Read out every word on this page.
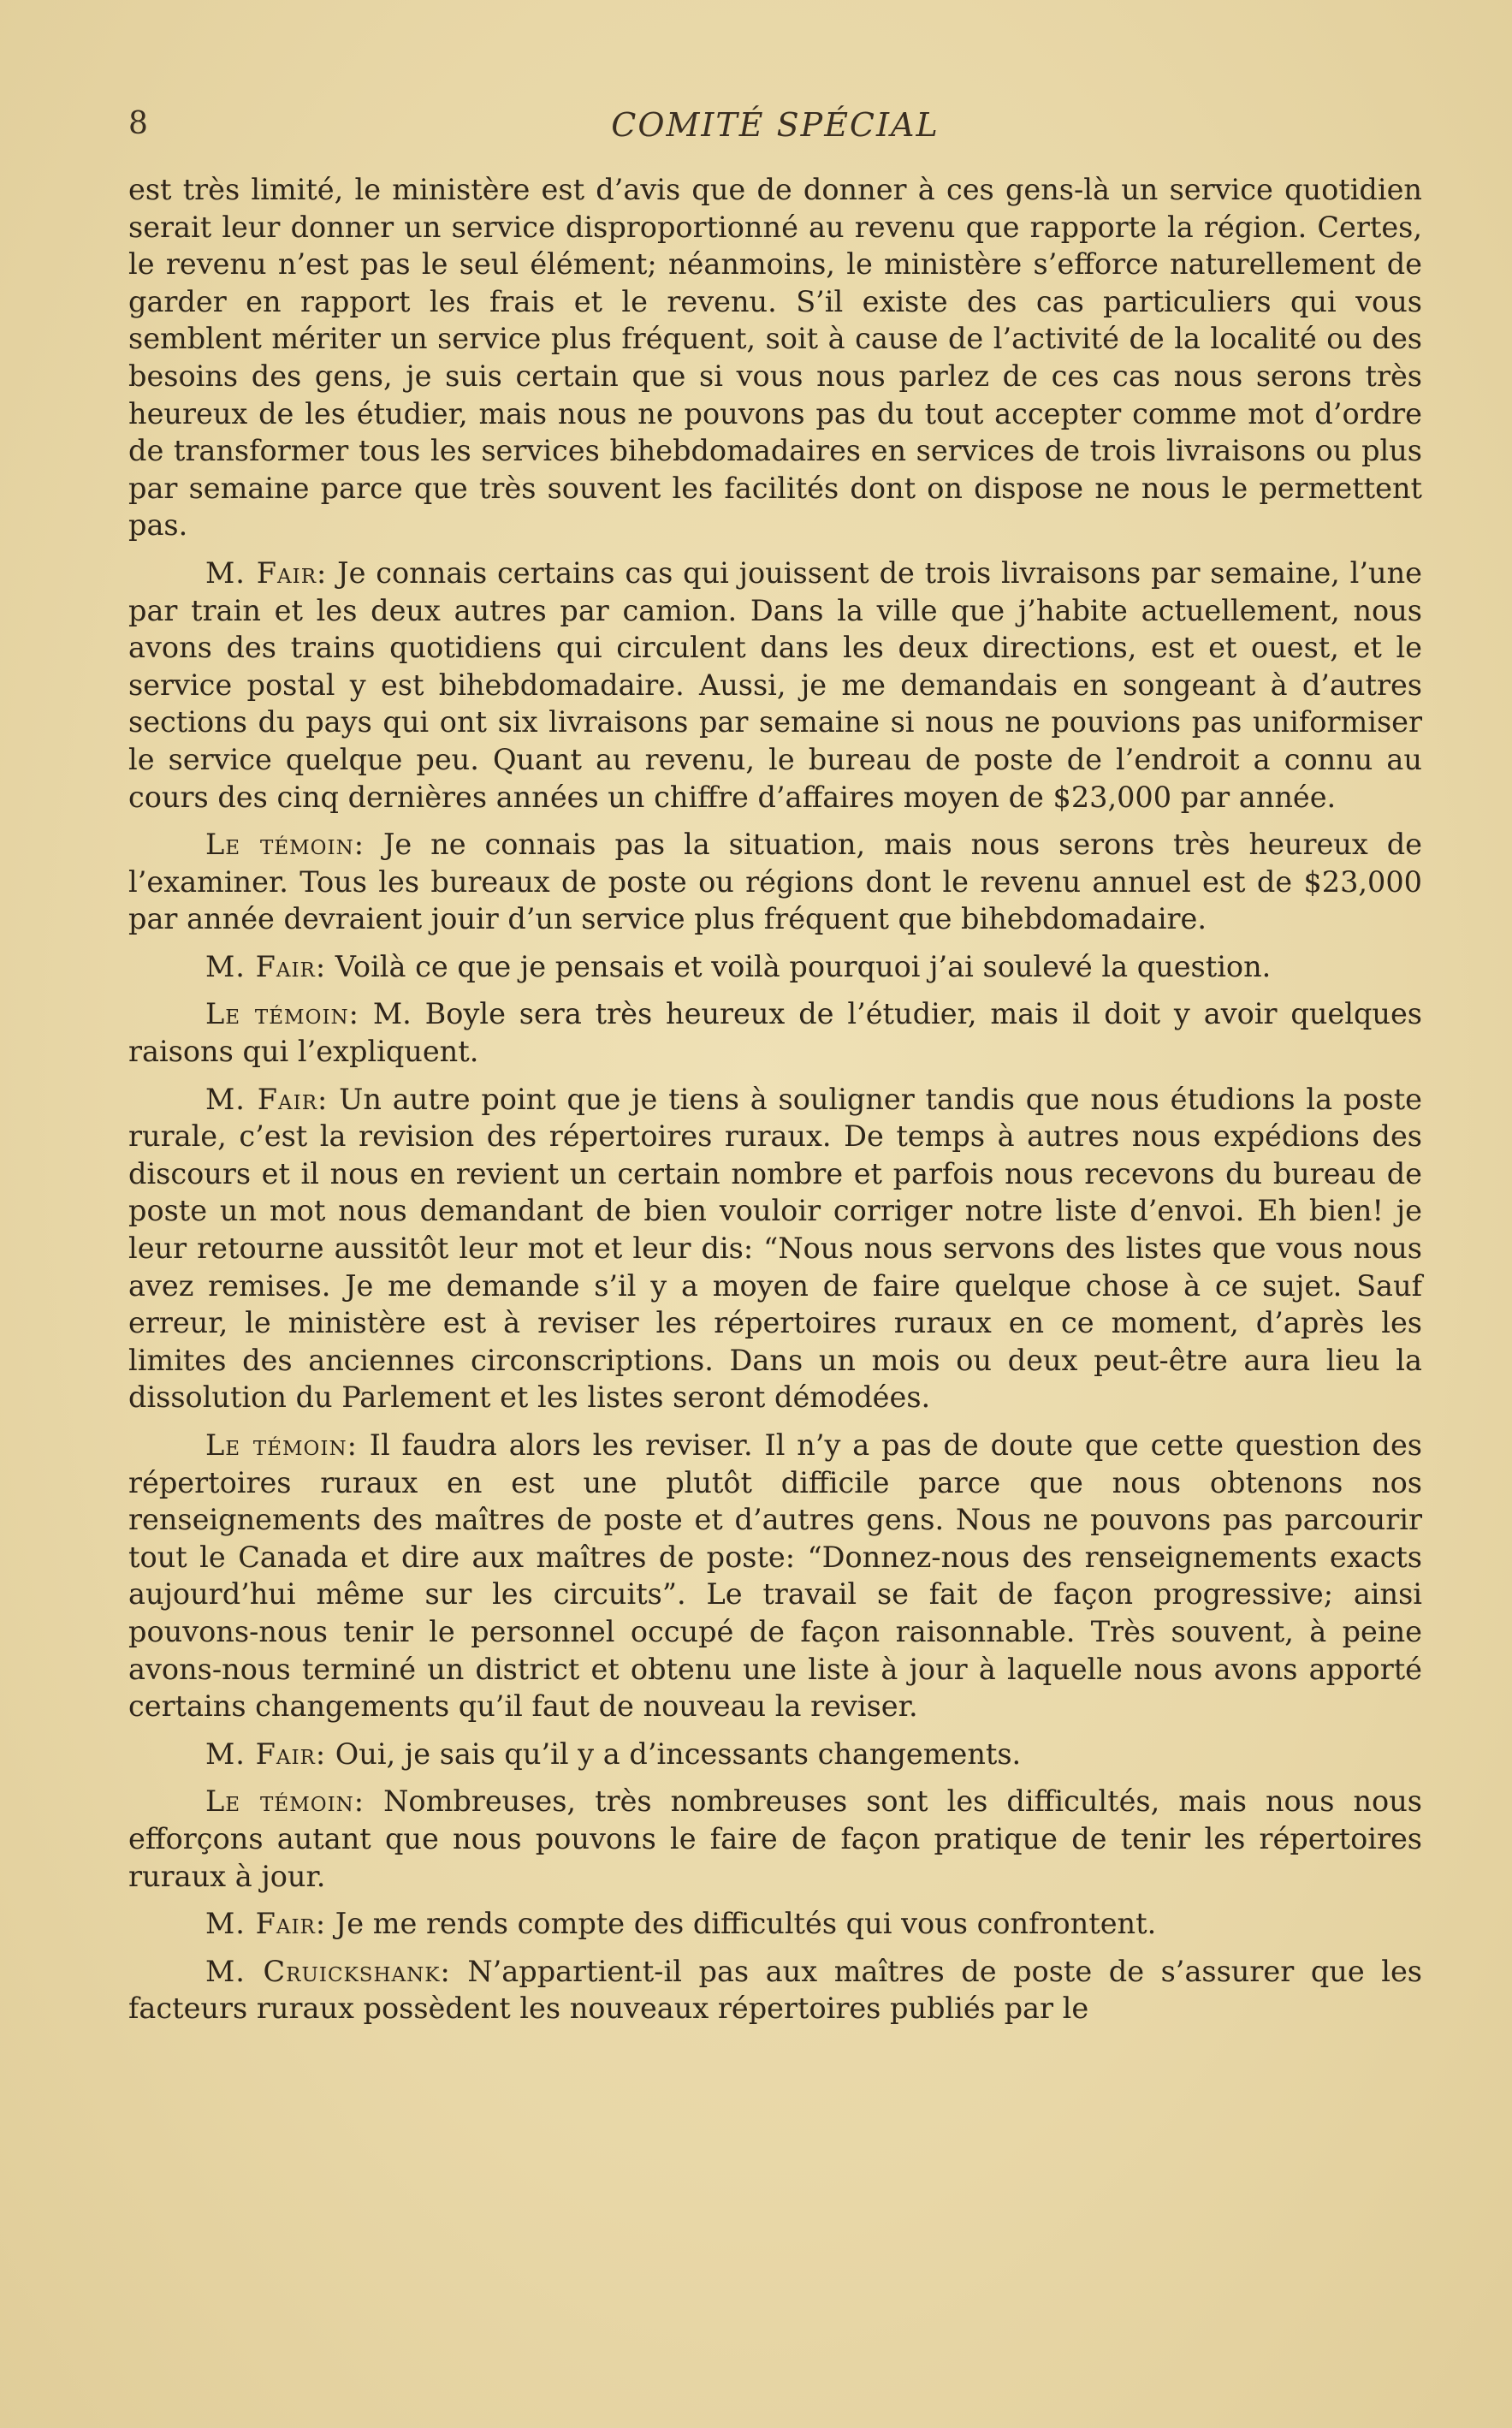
8	COMITÉ SPÉCIAL

est très limité, le ministère est d’avis que de donner à ces gens-là un service quotidien serait leur donner un service disproportionné au revenu que rapporte la région. Certes, le revenu n’est pas le seul élément; néanmoins, le ministère s’efforce naturellement de garder en rapport les frais et le revenu. S’il existe des cas particuliers qui vous semblent mériter un service plus fréquent, soit à cause de l’activité de la localité ou des besoins des gens, je suis certain que si vous nous parlez de ces cas nous serons très heureux de les étudier, mais nous ne pouvons pas du tout accepter comme mot d’ordre de transformer tous les services bihebdomadaires en services de trois livraisons ou plus par semaine parce que très souvent les facilités dont on dispose ne nous le permettent pas.

M. Fair: Je connais certains cas qui jouissent de trois livraisons par semaine, l’une par train et les deux autres par camion. Dans la ville que j’habite actuellement, nous avons des trains quotidiens qui circulent dans les deux directions, est et ouest, et le service postal y est bihebdomadaire. Aussi, je me demandais en songeant à d’autres sections du pays qui ont six livraisons par semaine si nous ne pouvions pas uniformiser le service quelque peu. Quant au revenu, le bureau de poste de l’endroit a connu au cours des cinq dernières années un chiffre d’affaires moyen de $23,000 par année.

Le témoin: Je ne connais pas la situation, mais nous serons très heureux de l’examiner. Tous les bureaux de poste ou régions dont le revenu annuel est de $23,000 par année devraient jouir d’un service plus fréquent que bihebdomadaire.

M. Fair: Voilà ce que je pensais et voilà pourquoi j’ai soulevé la question.

Le témoin: M. Boyle sera très heureux de l’étudier, mais il doit y avoir quelques raisons qui l’expliquent.

M. Fair: Un autre point que je tiens à souligner tandis que nous étudions la poste rurale, c’est la revision des répertoires ruraux. De temps à autres nous expédions des discours et il nous en revient un certain nombre et parfois nous recevons du bureau de poste un mot nous demandant de bien vouloir corriger notre liste d’envoi. Eh bien! je leur retourne aussitôt leur mot et leur dis: “Nous nous servons des listes que vous nous avez remises. Je me demande s’il y a moyen de faire quelque chose à ce sujet. Sauf erreur, le ministère est à reviser les répertoires ruraux en ce moment, d’après les limites des anciennes circonscriptions. Dans un mois ou deux peut-être aura lieu la dissolution du Parlement et les listes seront démodées.

Le témoin: Il faudra alors les reviser. Il n’y a pas de doute que cette question des répertoires ruraux en est une plutôt difficile parce que nous obtenons nos renseignements des maîtres de poste et d’autres gens. Nous ne pouvons pas parcourir tout le Canada et dire aux maîtres de poste: “Donnez-nous des renseignements exacts aujourd’hui même sur les circuits”. Le travail se fait de façon progressive; ainsi pouvons-nous tenir le personnel occupé de façon raisonnable. Très souvent, à peine avons-nous terminé un district et obtenu une liste à jour à laquelle nous avons apporté certains changements qu’il faut de nouveau la reviser.

M. Fair: Oui, je sais qu’il y a d’incessants changements.

Le témoin: Nombreuses, très nombreuses sont les difficultés, mais nous nous efforçons autant que nous pouvons le faire de façon pratique de tenir les répertoires ruraux à jour.

M. Fair: Je me rends compte des difficultés qui vous confrontent.

M. Cruickshank: N’appartient-il pas aux maîtres de poste de s’assurer que les facteurs ruraux possèdent les nouveaux répertoires publiés par le
